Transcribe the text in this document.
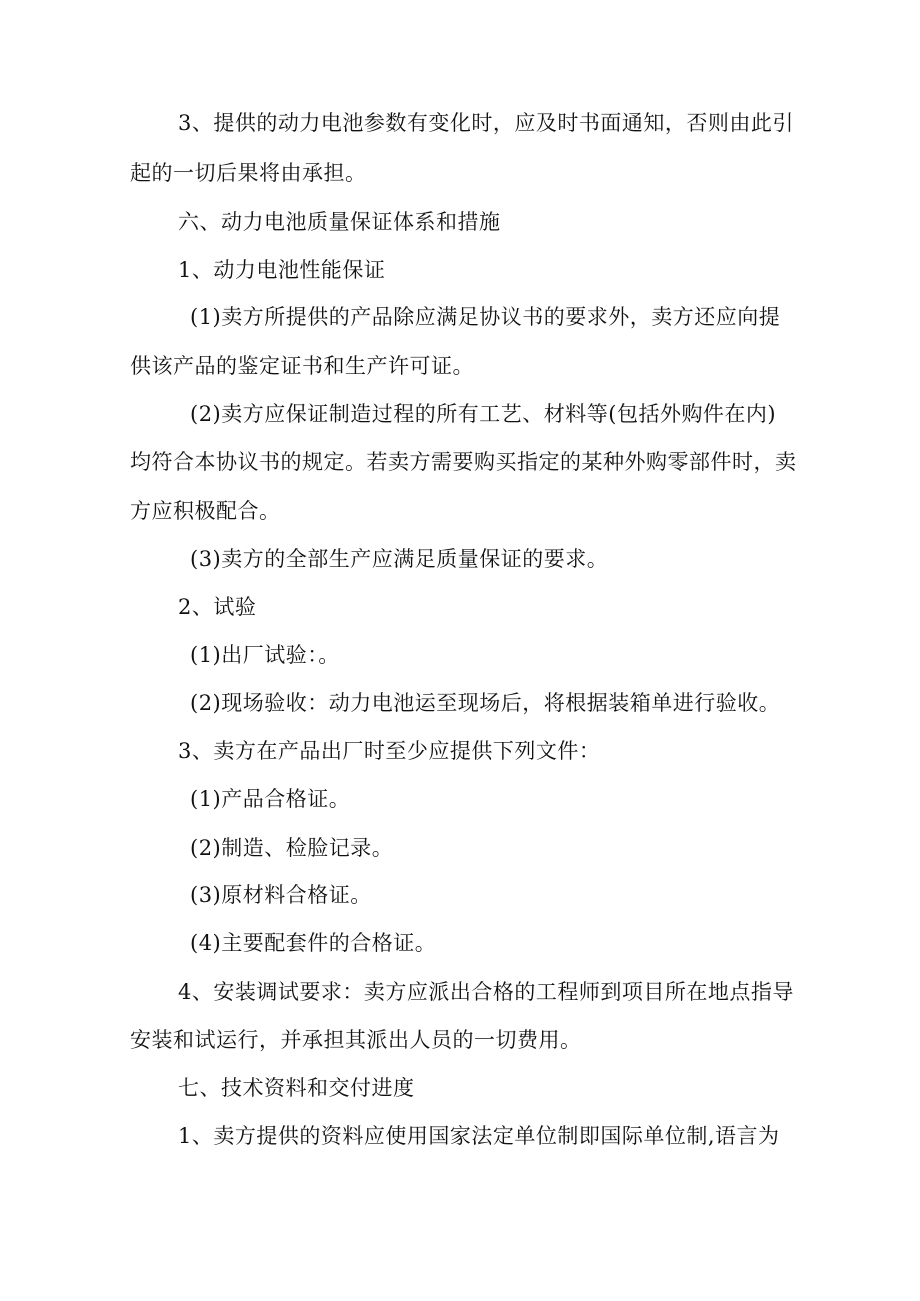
3、提供的动力电池参数有变化时，应及时书面通知，否则由此引
起的一切后果将由承担。
六、动力电池质量保证体系和措施
1、动力电池性能保证
(1)卖方所提供的产品除应满足协议书的要求外，卖方还应向提
供该产品的鉴定证书和生产许可证。
(2)卖方应保证制造过程的所有工艺、材料等(包括外购件在内)
均符合本协议书的规定。若卖方需要购买指定的某种外购零部件时，卖
方应积极配合。
(3)卖方的全部生产应满足质量保证的要求。
2、试验
(1)出厂试验：。
(2)现场验收：动力电池运至现场后，将根据装箱单进行验收。
3、卖方在产品出厂时至少应提供下列文件：
(1)产品合格证。
(2)制造、检脸记录。
(3)原材料合格证。
(4)主要配套件的合格证。
4、安装调试要求：卖方应派出合格的工程师到项目所在地点指导
安装和试运行，并承担其派出人员的一切费用。
七、技术资料和交付进度
1、卖方提供的资料应使用国家法定单位制即国际单位制,语言为
